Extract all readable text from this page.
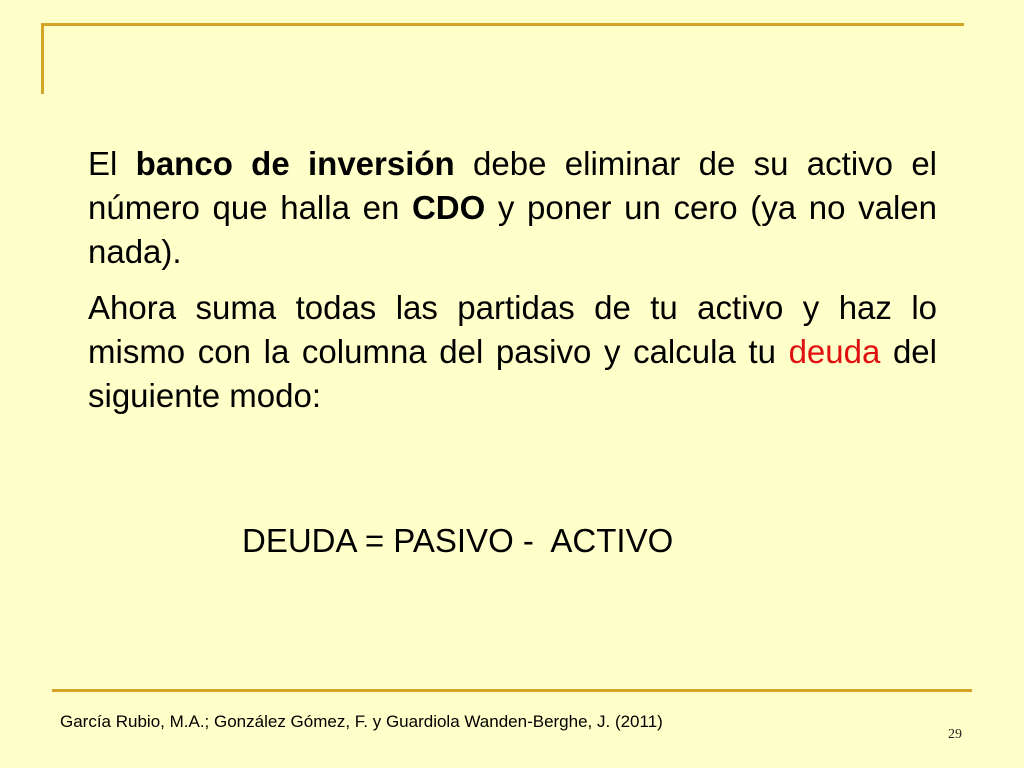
El banco de inversión debe eliminar de su activo el número que halla en CDO y poner un cero (ya no valen nada).

Ahora suma todas las partidas de tu activo y haz lo mismo con la columna del pasivo y calcula tu deuda del siguiente modo:

DEUDA = PASIVO -  ACTIVO
García Rubio, M.A.; González Gómez, F. y Guardiola Wanden-Berghe, J. (2011)
29
